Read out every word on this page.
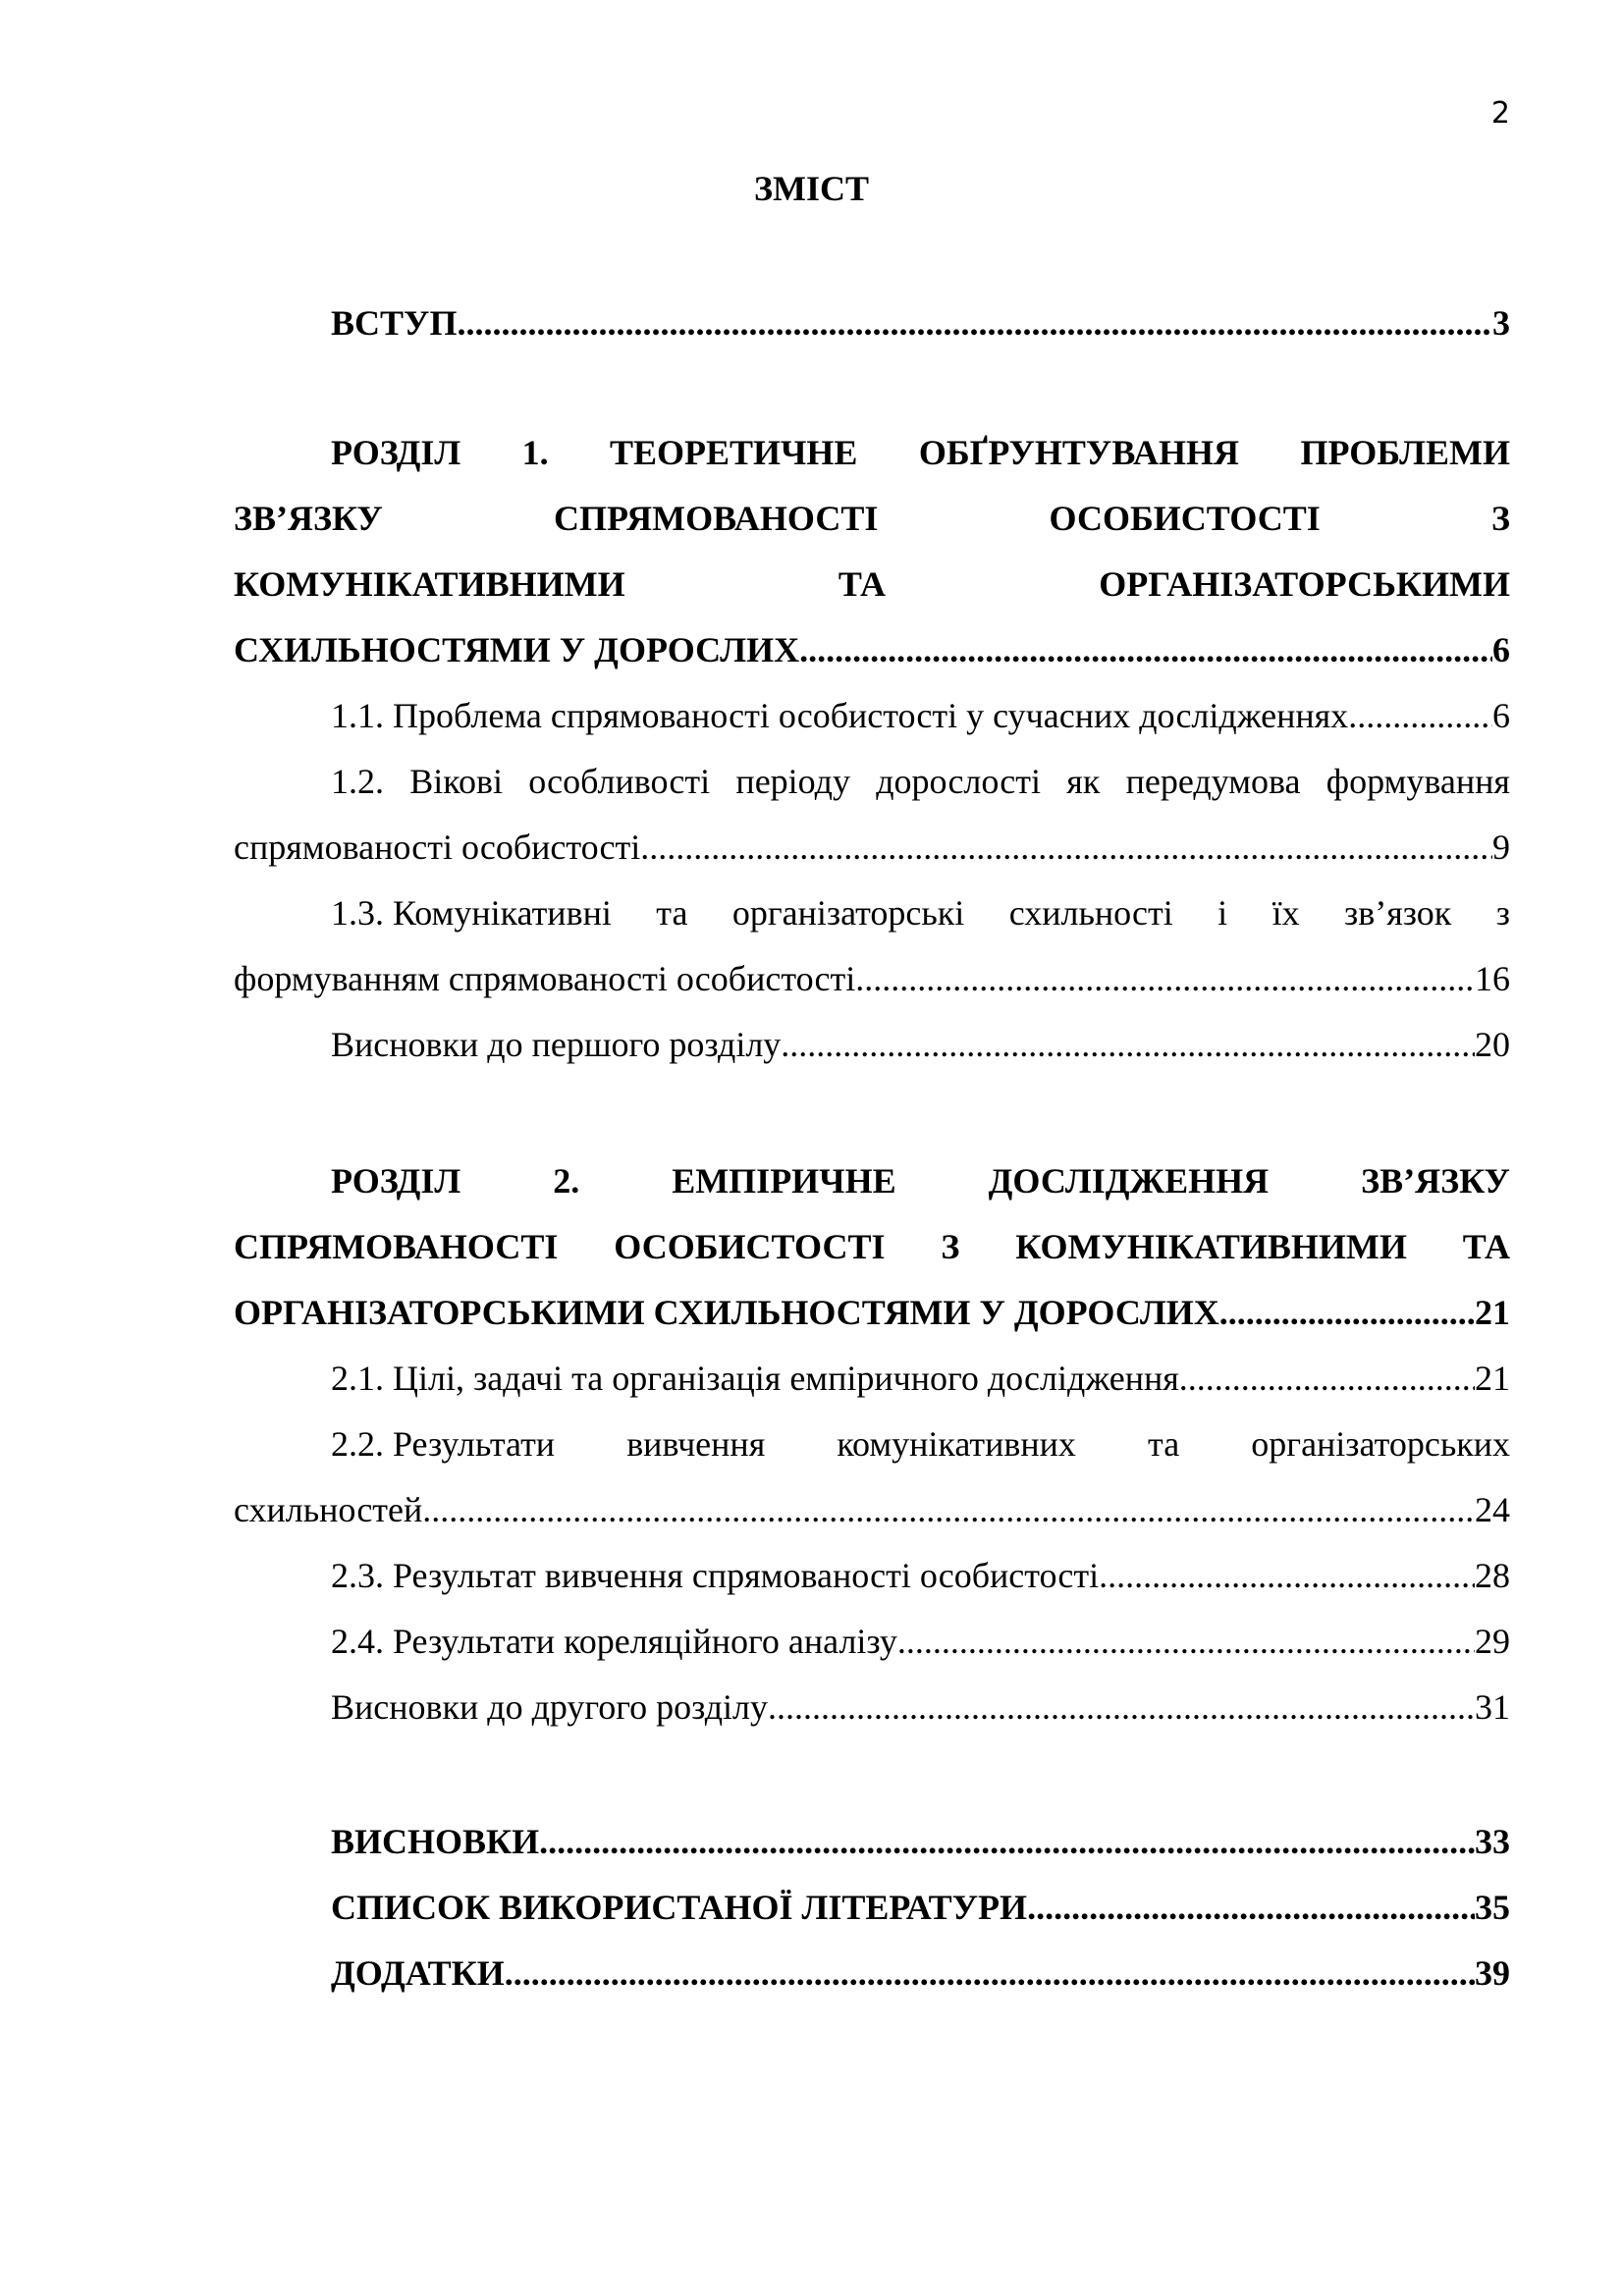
2
ЗМІСТ
ВСТУП .....	3
РОЗДІЛ 1. ТЕОРЕТИЧНЕ ОБҐРУНТУВАННЯ ПРОБЛЕМИ
ЗВ’ЯЗКУ	СПРЯМОВАНОСТІ	ОСОБИСТОСТІ	З
КОМУНІКАТИВНИМИ	ТА	ОРГАНІЗАТОРСЬКИМИ
СХИЛЬНОСТЯМИ У ДОРОСЛИХ .....	6
1.1. Проблема спрямованості особистості у сучасних дослідженнях .....	6
1.2. Вікові особливості періоду дорослості як передумова формування
спрямованості особистості .....	9
1.3. Комунікативні та організаторські схильності і їх зв’язок з
формуванням спрямованості особистості .....	16
Висновки до першого розділу .....	20
РОЗДІЛ	2.	ЕМПІРИЧНЕ	ДОСЛІДЖЕННЯ	ЗВ’ЯЗКУ
СПРЯМОВАНОСТІ ОСОБИСТОСТІ З КОМУНІКАТИВНИМИ ТА
ОРГАНІЗАТОРСЬКИМИ СХИЛЬНОСТЯМИ У ДОРОСЛИХ .....	21
2.1. Цілі, задачі та організація емпіричного дослідження .....	21
2.2. Результати вивчення комунікативних та організаторських
схильностей .....	24
2.3. Результат вивчення спрямованості особистості .....	28
2.4. Результати кореляційного аналізу .....	29
Висновки до другого розділу .....	31
ВИСНОВКИ .....	33
СПИСОК ВИКОРИСТАНОЇ ЛІТЕРАТУРИ .....	35
ДОДАТКИ .....	39
